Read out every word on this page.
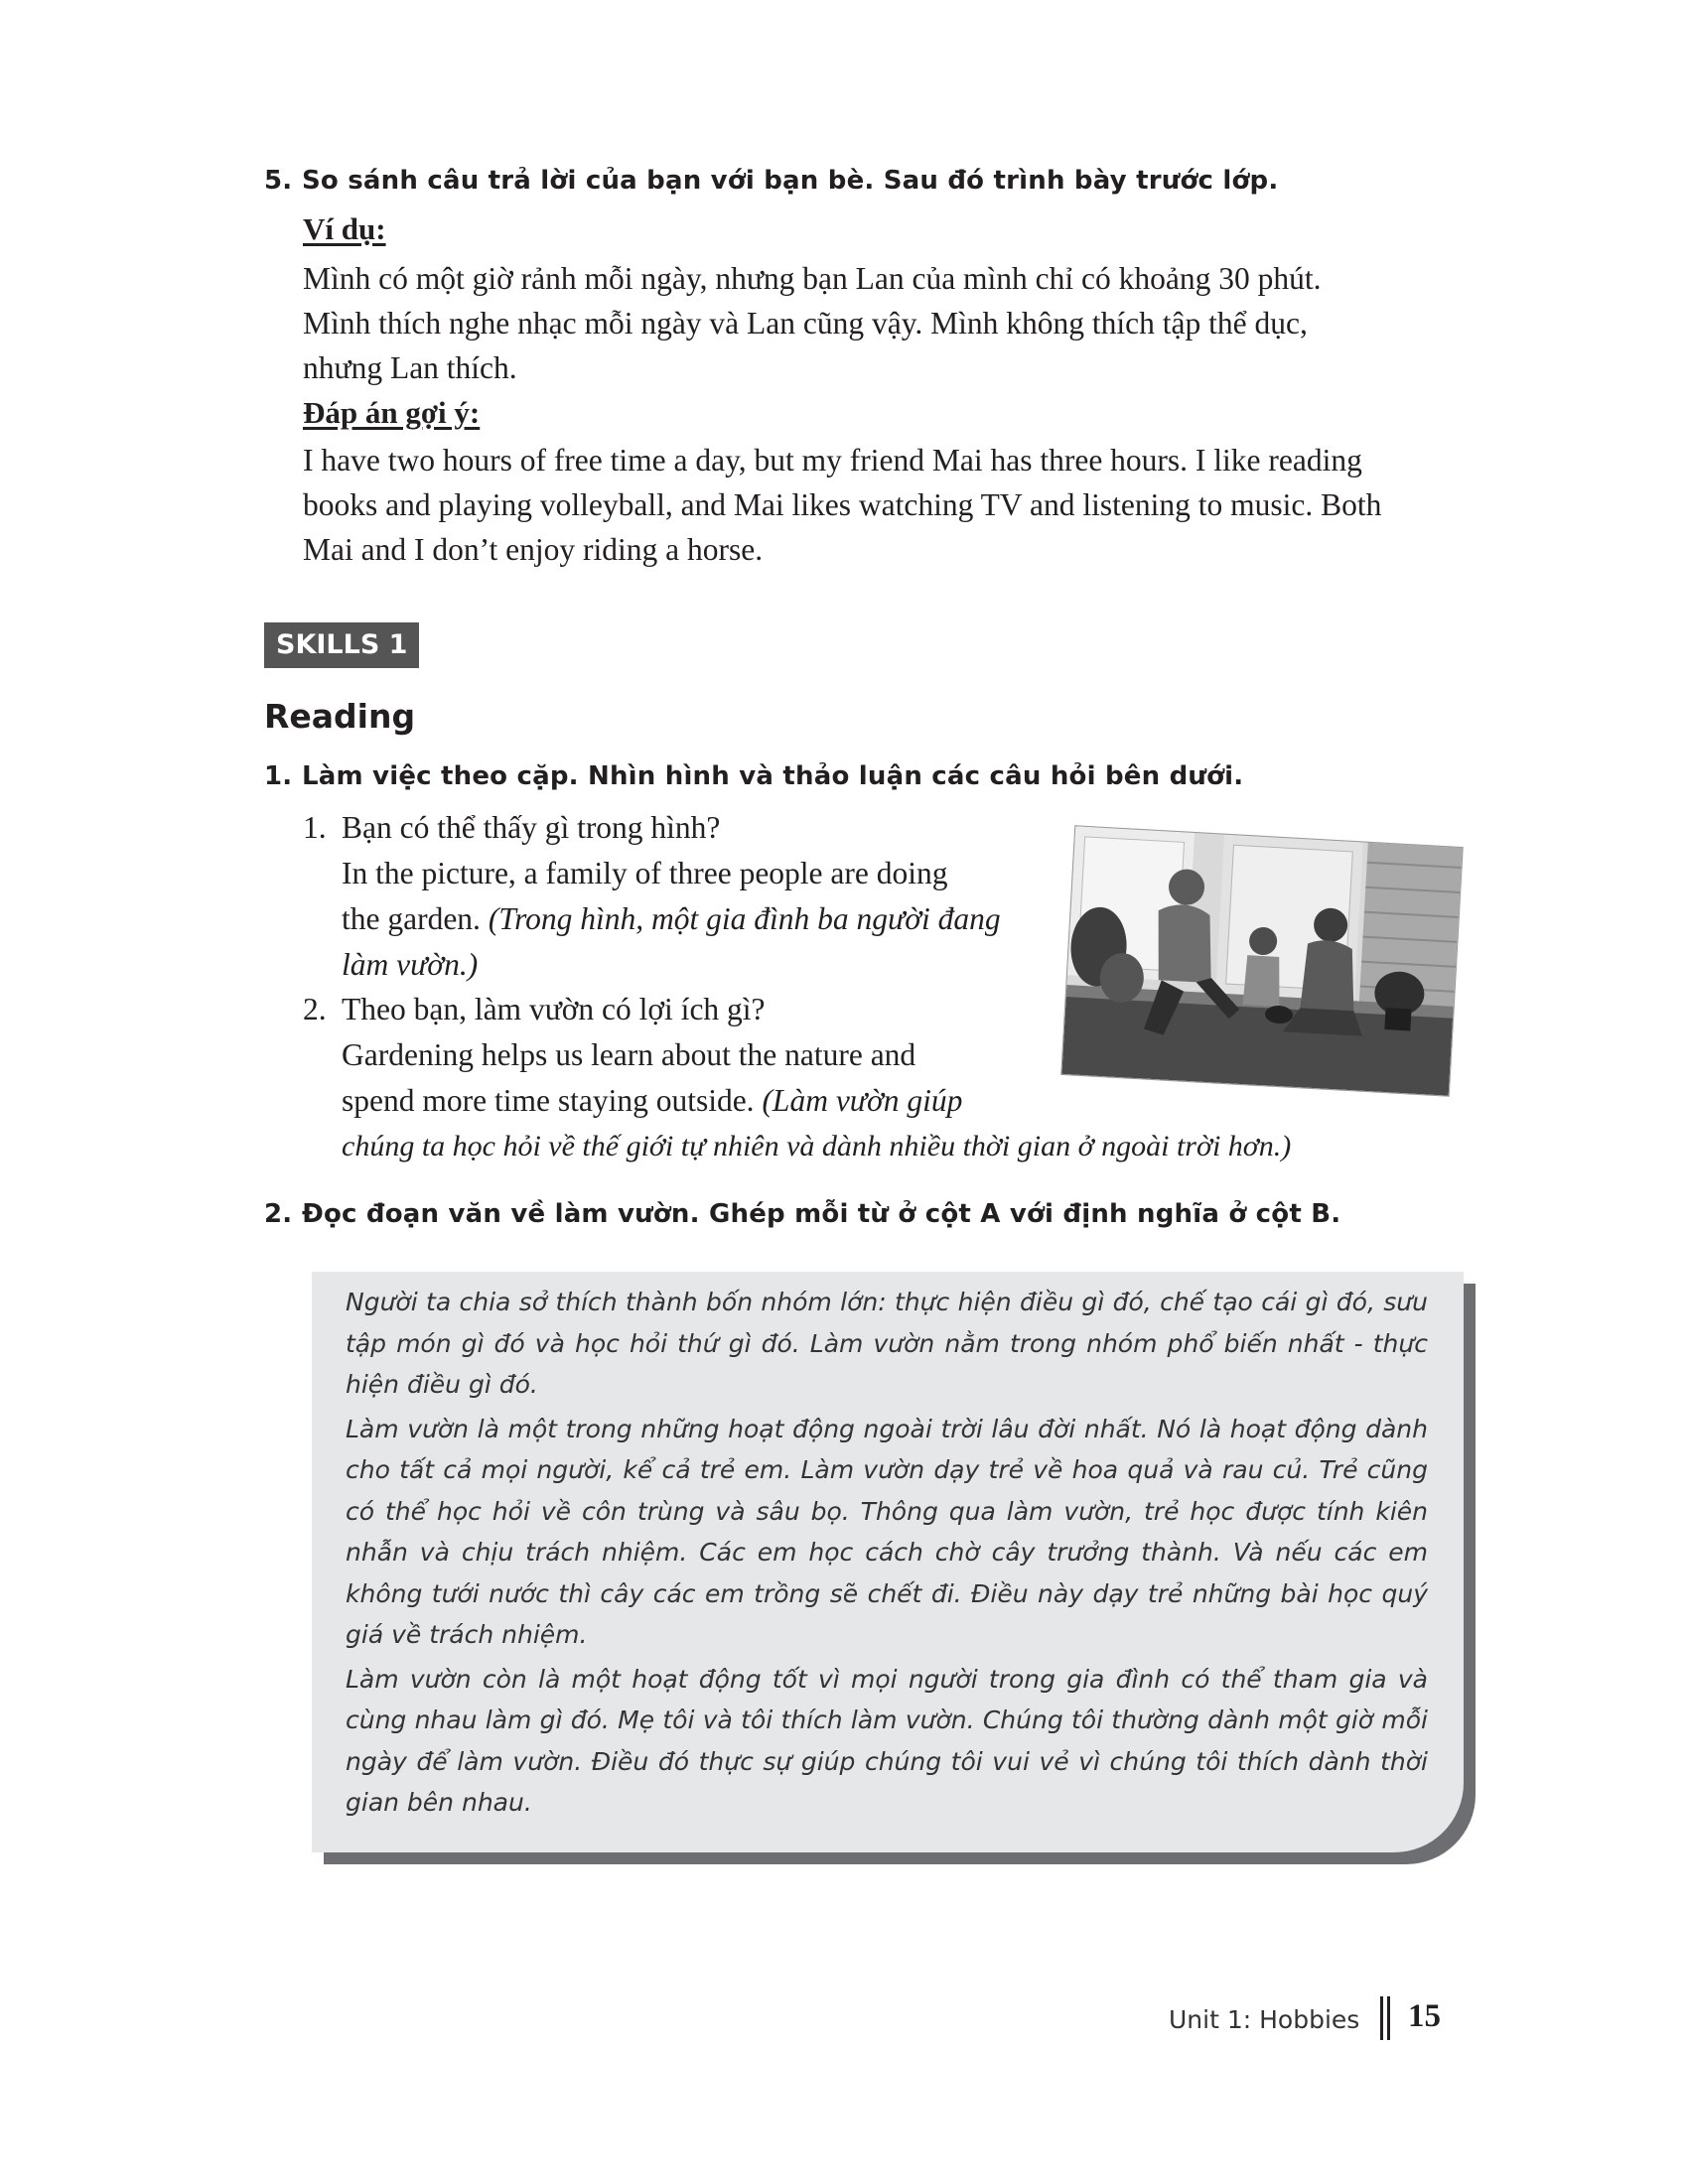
5. So sánh câu trả lời của bạn với bạn bè. Sau đó trình bày trước lớp.
Ví dụ:
Mình có một giờ rảnh mỗi ngày, nhưng bạn Lan của mình chỉ có khoảng 30 phút.
Mình thích nghe nhạc mỗi ngày và Lan cũng vậy. Mình không thích tập thể dục,
nhưng Lan thích.
Đáp án gợi ý:
I have two hours of free time a day, but my friend Mai has three hours. I like reading
books and playing volleyball, and Mai likes watching TV and listening to music. Both
Mai and I don’t enjoy riding a horse.
SKILLS 1
Reading
1. Làm việc theo cặp. Nhìn hình và thảo luận các câu hỏi bên dưới.
1. Bạn có thể thấy gì trong hình?
In the picture, a family of three people are doing
the garden. (Trong hình, một gia đình ba người đang
làm vườn.)
2. Theo bạn, làm vườn có lợi ích gì?
Gardening helps us learn about the nature and
spend more time staying outside. (Làm vườn giúp
chúng ta học hỏi về thế giới tự nhiên và dành nhiều thời gian ở ngoài trời hơn.)
2. Đọc đoạn văn về làm vườn. Ghép mỗi từ ở cột A với định nghĩa ở cột B.

Người ta chia sở thích thành bốn nhóm lớn: thực hiện điều gì đó, chế tạo cái gì đó, sưu tập món gì đó và học hỏi thứ gì đó. Làm vườn nằm trong nhóm phổ biến nhất - thực hiện điều gì đó.

Làm vườn là một trong những hoạt động ngoài trời lâu đời nhất. Nó là hoạt động dành cho tất cả mọi người, kể cả trẻ em. Làm vườn dạy trẻ về hoa quả và rau củ. Trẻ cũng có thể học hỏi về côn trùng và sâu bọ. Thông qua làm vườn, trẻ học được tính kiên nhẫn và chịu trách nhiệm. Các em học cách chờ cây trưởng thành. Và nếu các em không tưới nước thì cây các em trồng sẽ chết đi. Điều này dạy trẻ những bài học quý giá về trách nhiệm.

Làm vườn còn là một hoạt động tốt vì mọi người trong gia đình có thể tham gia và cùng nhau làm gì đó. Mẹ tôi và tôi thích làm vườn. Chúng tôi thường dành một giờ mỗi ngày để làm vườn. Điều đó thực sự giúp chúng tôi vui vẻ vì chúng tôi thích dành thời gian bên nhau.

Unit 1: Hobbies 15
